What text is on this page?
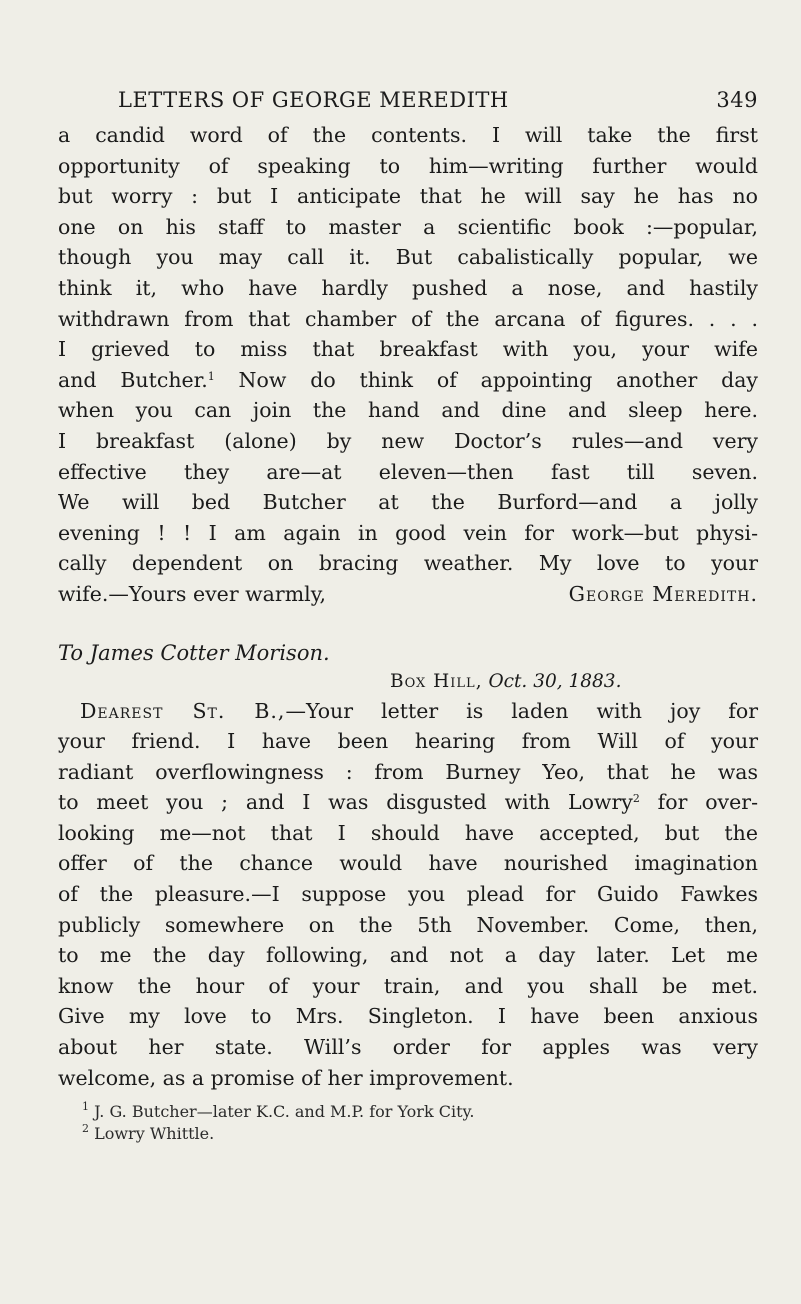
LETTERS OF GEORGE MEREDITH	349
a candid word of the contents. I will take the first
opportunity of speaking to him—writing further would
but worry : but I anticipate that he will say he has no
one on his staff to master a scientific book :—popular,
though you may call it. But cabalistically popular, we
think it, who have hardly pushed a nose, and hastily
withdrawn from that chamber of the arcana of figures. . . .
I grieved to miss that breakfast with you, your wife
and Butcher.$^1$ Now do think of appointing another day
when you can join the hand and dine and sleep here.
I breakfast (alone) by new Doctor’s rules—and very
effective they are—at eleven—then fast till seven.
We will bed Butcher at the Burford—and a jolly
evening ! ! I am again in good vein for work—but physi-
cally dependent on bracing weather. My love to your
wife.—Yours ever warmly,	George Meredith.

To James Cotter Morison.

Box Hill, Oct. 30, 1883.

Dearest St. B.,—Your letter is laden with joy for
your friend. I have been hearing from Will of your
radiant overflowingness : from Burney Yeo, that he was
to meet you ; and I was disgusted with Lowry$^2$ for over-
looking me—not that I should have accepted, but the
offer of the chance would have nourished imagination
of the pleasure.—I suppose you plead for Guido Fawkes
publicly somewhere on the 5th November. Come, then,
to me the day following, and not a day later. Let me
know the hour of your train, and you shall be met.
Give my love to Mrs. Singleton. I have been anxious
about her state. Will’s order for apples was very
welcome, as a promise of her improvement.
$^1$ J. G. Butcher—later K.C. and M.P. for York City.
$^2$ Lowry Whittle.
